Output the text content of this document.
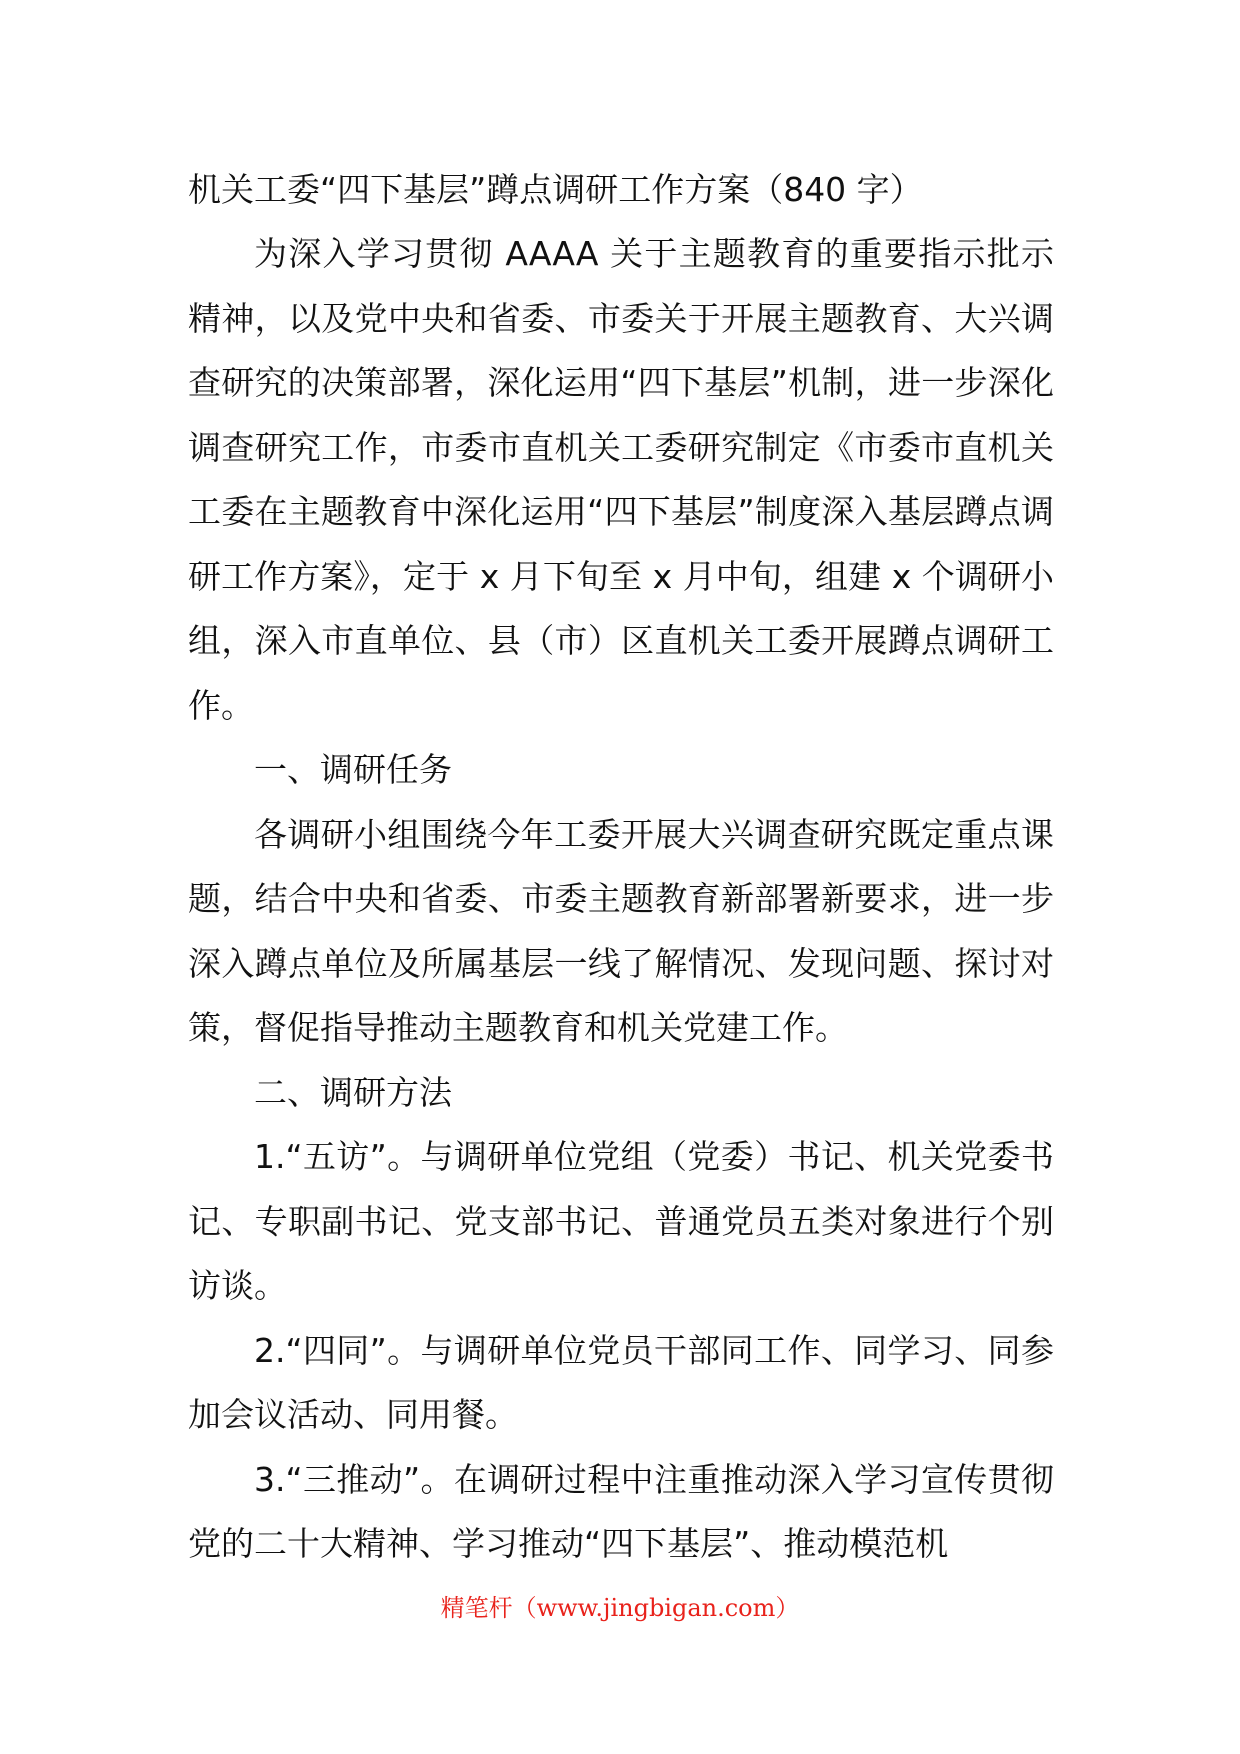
机关工委“四下基层”蹲点调研工作方案（840 字）

为深入学习贯彻 AAAA 关于主题教育的重要指示批示精神，以及党中央和省委、市委关于开展主题教育、大兴调查研究的决策部署，深化运用“四下基层”机制，进一步深化调查研究工作，市委市直机关工委研究制定《市委市直机关工委在主题教育中深化运用“四下基层”制度深入基层蹲点调研工作方案》，定于 x 月下旬至 x 月中旬，组建 x 个调研小组，深入市直单位、县（市）区直机关工委开展蹲点调研工作。

一、调研任务

各调研小组围绕今年工委开展大兴调查研究既定重点课题，结合中央和省委、市委主题教育新部署新要求，进一步深入蹲点单位及所属基层一线了解情况、发现问题、探讨对策，督促指导推动主题教育和机关党建工作。

二、调研方法

1.“五访”。与调研单位党组（党委）书记、机关党委书记、专职副书记、党支部书记、普通党员五类对象进行个别访谈。

2.“四同”。与调研单位党员干部同工作、同学习、同参加会议活动、同用餐。

3.“三推动”。在调研过程中注重推动深入学习宣传贯彻党的二十大精神、学习推动“四下基层”、推动模范机

精笔杆（www.jingbigan.com）
